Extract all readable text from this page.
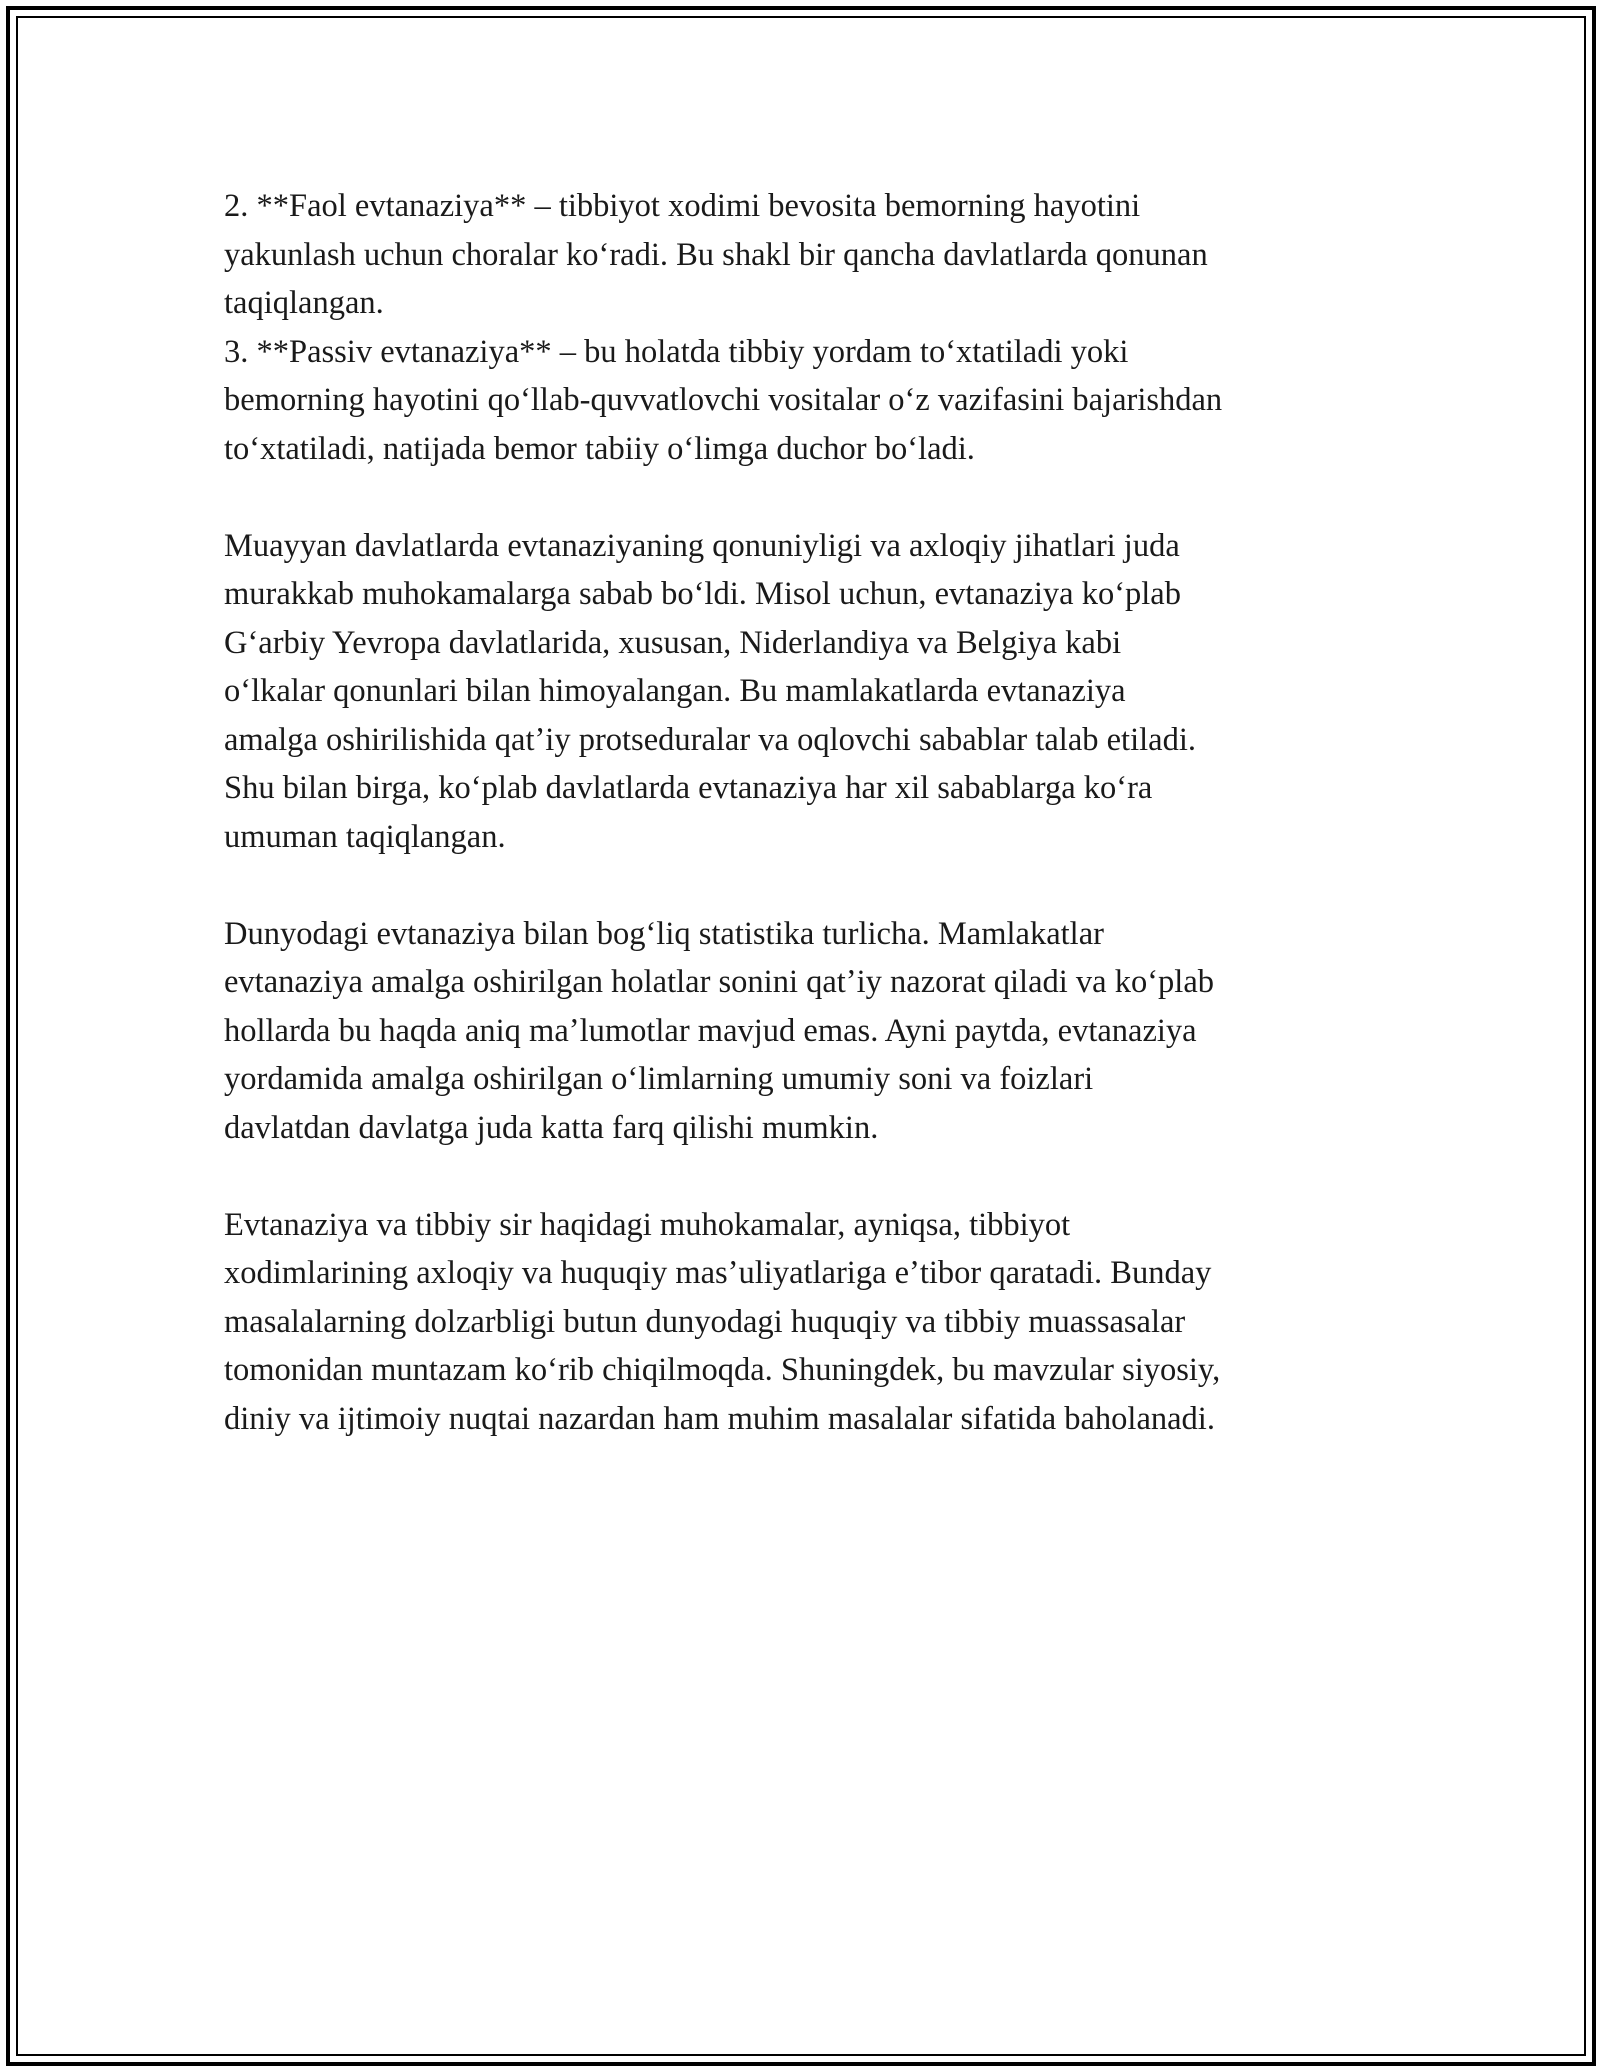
2. **Faol evtanaziya** – tibbiyot xodimi bevosita bemorning hayotini
yakunlash uchun choralar koʻradi. Bu shakl bir qancha davlatlarda qonunan
taqiqlangan.

3. **Passiv evtanaziya** – bu holatda tibbiy yordam toʻxtatiladi yoki
bemorning hayotini qoʻllab-quvvatlovchi vositalar oʻz vazifasini bajarishdan
toʻxtatiladi, natijada bemor tabiiy oʻlimga duchor boʻladi.

Muayyan davlatlarda evtanaziyaning qonuniyligi va axloqiy jihatlari juda
murakkab muhokamalarga sabab boʻldi. Misol uchun, evtanaziya koʻplab
Gʻarbiy Yevropa davlatlarida, xususan, Niderlandiya va Belgiya kabi
oʻlkalar qonunlari bilan himoyalangan. Bu mamlakatlarda evtanaziya
amalga oshirilishida qatʼiy protseduralar va oqlovchi sabablar talab etiladi.
Shu bilan birga, koʻplab davlatlarda evtanaziya har xil sabablarga koʻra
umuman taqiqlangan.

Dunyodagi evtanaziya bilan bogʻliq statistika turlicha. Mamlakatlar
evtanaziya amalga oshirilgan holatlar sonini qatʼiy nazorat qiladi va koʻplab
hollarda bu haqda aniq maʼlumotlar mavjud emas. Ayni paytda, evtanaziya
yordamida amalga oshirilgan oʻlimlarning umumiy soni va foizlari
davlatdan davlatga juda katta farq qilishi mumkin.

Evtanaziya va tibbiy sir haqidagi muhokamalar, ayniqsa, tibbiyot
xodimlarining axloqiy va huquqiy masʼuliyatlariga eʼtibor qaratadi. Bunday
masalalarning dolzarbligi butun dunyodagi huquqiy va tibbiy muassasalar
tomonidan muntazam koʻrib chiqilmoqda. Shuningdek, bu mavzular siyosiy,
diniy va ijtimoiy nuqtai nazardan ham muhim masalalar sifatida baholanadi.
